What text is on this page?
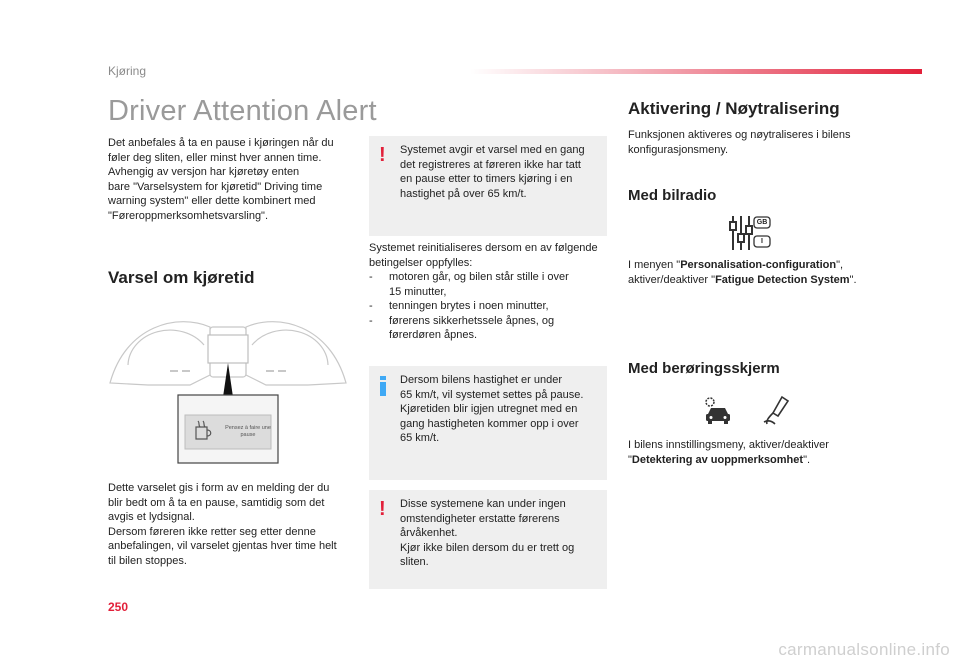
Kjøring
Driver Attention Alert
Det anbefales å ta en pause i kjøringen når du
føler deg sliten, eller minst hver annen time.
Avhengig av versjon har kjøretøy enten
bare "Varselsystem for kjøretid" Driving time
warning system" eller dette kombinert med
"Føreroppmerksomhetsvarsling".
Varsel om kjøretid
Pensez à faire une pause
Dette varselet gis i form av en melding der du
blir bedt om å ta en pause, samtidig som det
avgis et lydsignal.
Dersom føreren ikke retter seg etter denne
anbefalingen, vil varselet gjentas hver time helt
til bilen stoppes.
! Systemet avgir et varsel med en gang
det registreres at føreren ikke har tatt
en pause etter to timers kjøring i en
hastighet på over 65 km/t.
Systemet reinitialiseres dersom en av følgende
betingelser oppfylles:
- motoren går, og bilen står stille i over
15 minutter,
- tenningen brytes i noen minutter,
- førerens sikkerhetssele åpnes, og
førerdøren åpnes.
Dersom bilens hastighet er under
65 km/t, vil systemet settes på pause.
Kjøretiden blir igjen utregnet med en
gang hastigheten kommer opp i over
65 km/t.
! Disse systemene kan under ingen
omstendigheter erstatte førerens
årvåkenhet.
Kjør ikke bilen dersom du er trett og
sliten.
Aktivering / Nøytralisering
Funksjonen aktiveres og nøytraliseres i bilens
konfigurasjonsmeny.
Med bilradio
GB
I
I menyen "Personalisation-configuration",
aktiver/deaktiver "Fatigue Detection System".
Med berøringsskjerm
I bilens innstillingsmeny, aktiver/deaktiver
"Detektering av uoppmerksomhet".
250
carmanualsonline.info
